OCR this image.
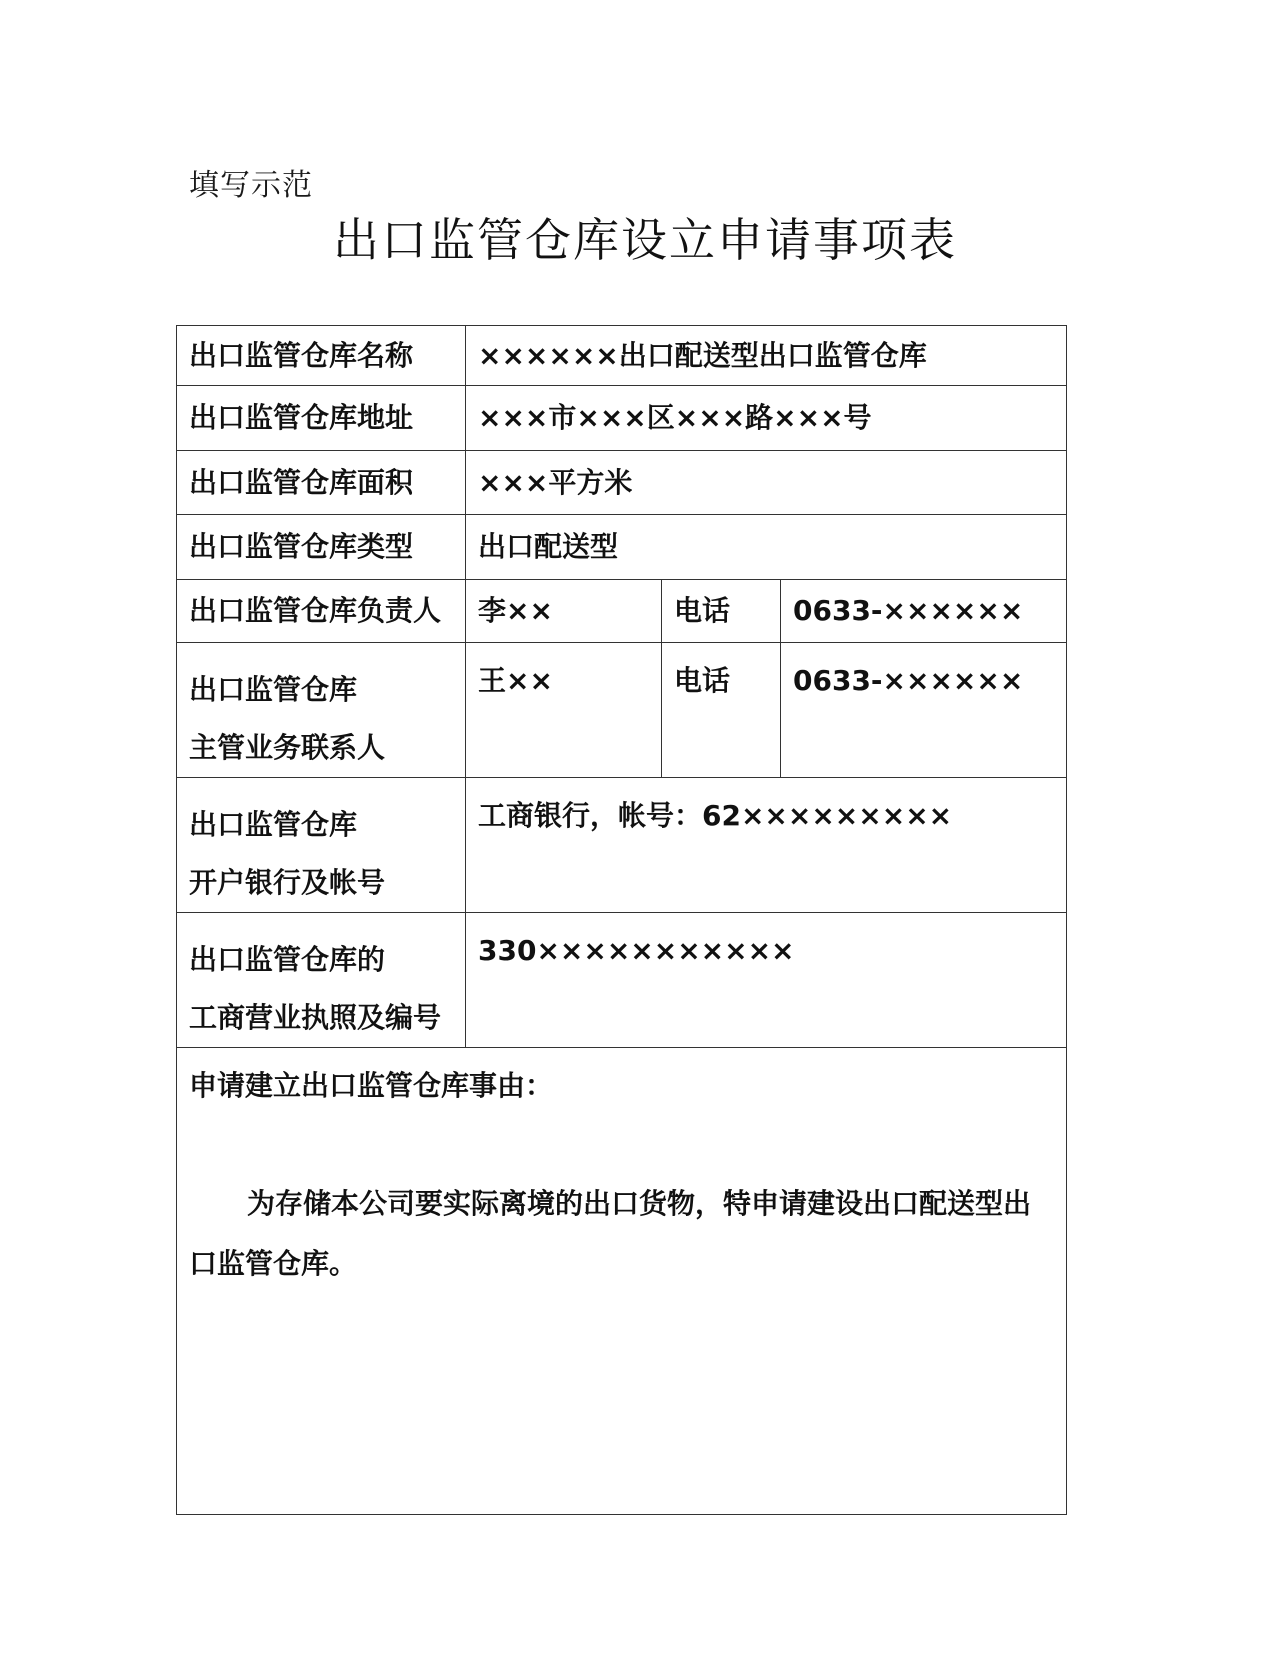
填写示范
出口监管仓库设立申请事项表
出口监管仓库名称	××××××出口配送型出口监管仓库		
出口监管仓库地址	×××市×××区×××路×××号		
出口监管仓库面积	×××平方米		
出口监管仓库类型	出口配送型		
出口监管仓库负责人	李××	电话	0633-××××××
出口监管仓库
主管业务联系人	王××	电话	0633-××××××
出口监管仓库
开户银行及帐号	工商银行，帐号：62×××××××××		
出口监管仓库的
工商营业执照及编号	330×××××××××××		

申请建立出口监管仓库事由：
为存储本公司要实际离境的出口货物，特申请建设出口配送型出口监管仓库。			
